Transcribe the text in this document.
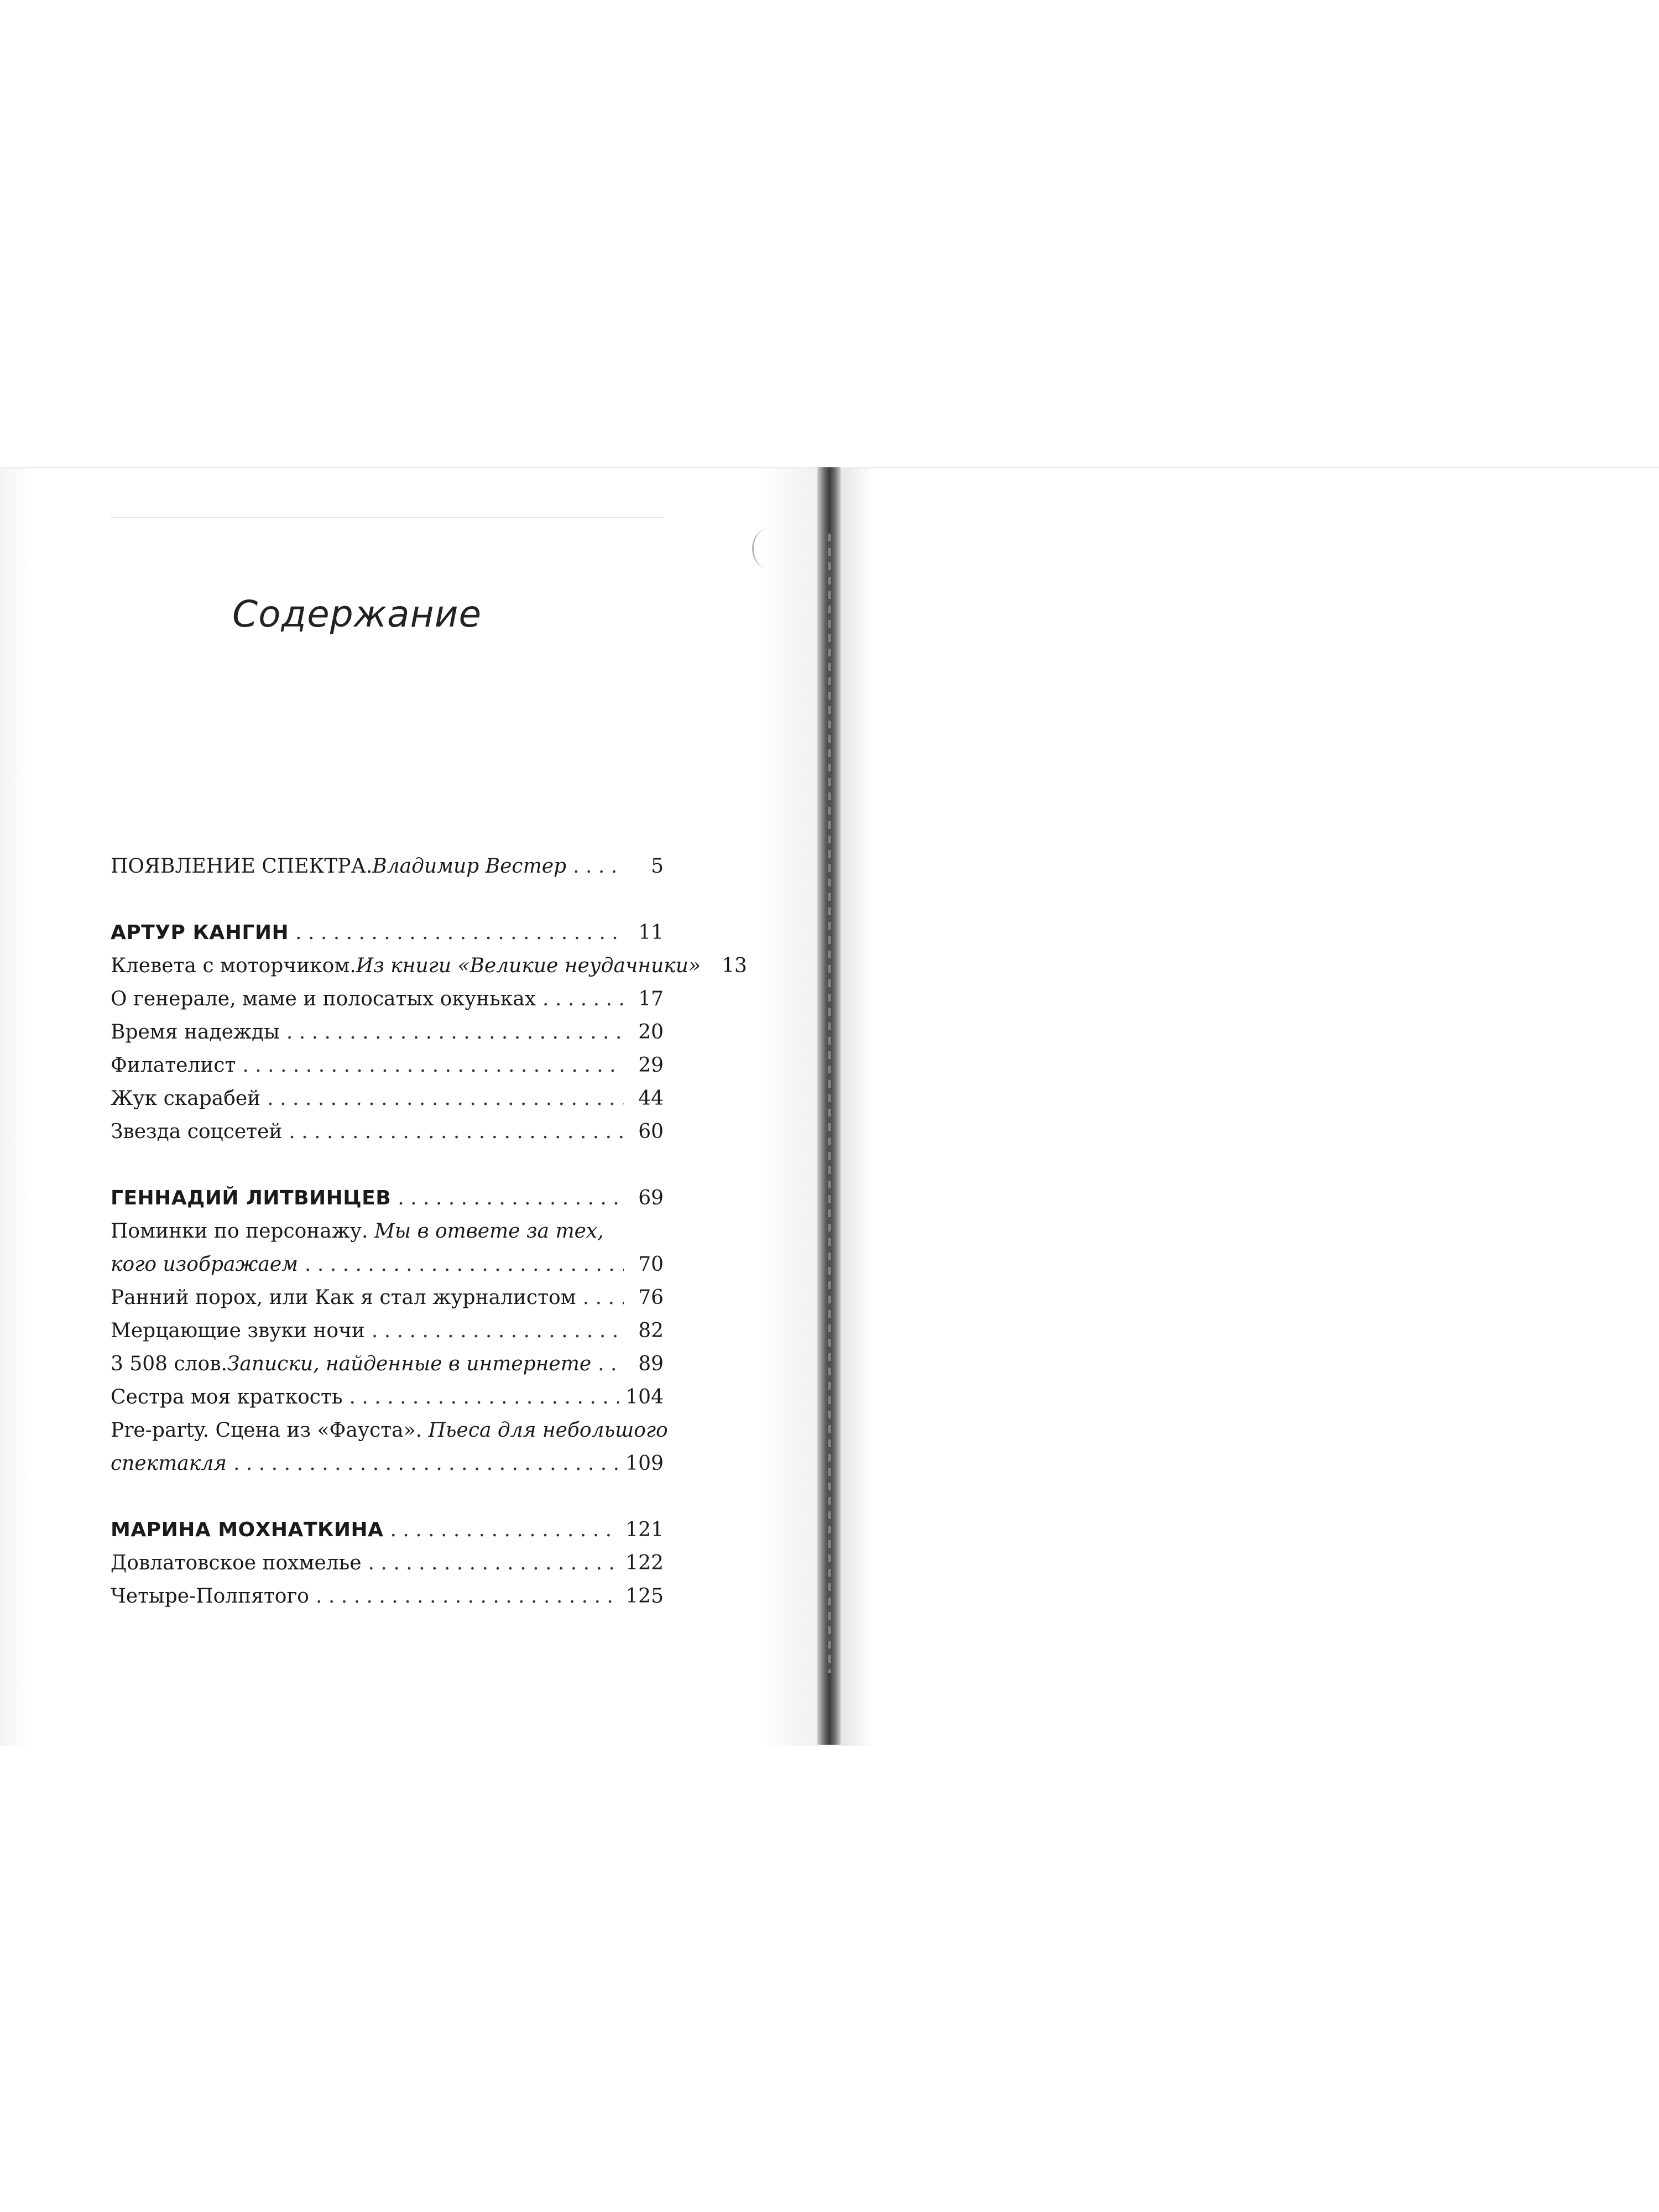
Содержание
ПОЯВЛЕНИЕ СПЕКТРА. Владимир Вестер . . .	5
АРТУР КАНГИН . . .	11
Клевета с моторчиком. Из книги «Великие неудачники»	13
О генерале, маме и полосатых окуньках . . .	17
Время надежды . . .	20
Филателист . . .	29
Жук скарабей . . .	44
Звезда соцсетей . . .	60
ГЕННАДИЙ ЛИТВИНЦЕВ . . .	69
Поминки по персонажу. Мы в ответе за тех,
кого изображаем . . .	70
Ранний порох, или Как я стал журналистом . . .	76
Мерцающие звуки ночи . . .	82
3 508 слов. Записки, найденные в интернете . . .	89
Сестра моя краткость . . .	104
Pre-party. Сцена из «Фауста». Пьеса для небольшого
спектакля . . .	109
МАРИНА МОХНАТКИНА . . .	121
Довлатовское похмелье . . .	122
Четыре-Полпятого . . .	125
